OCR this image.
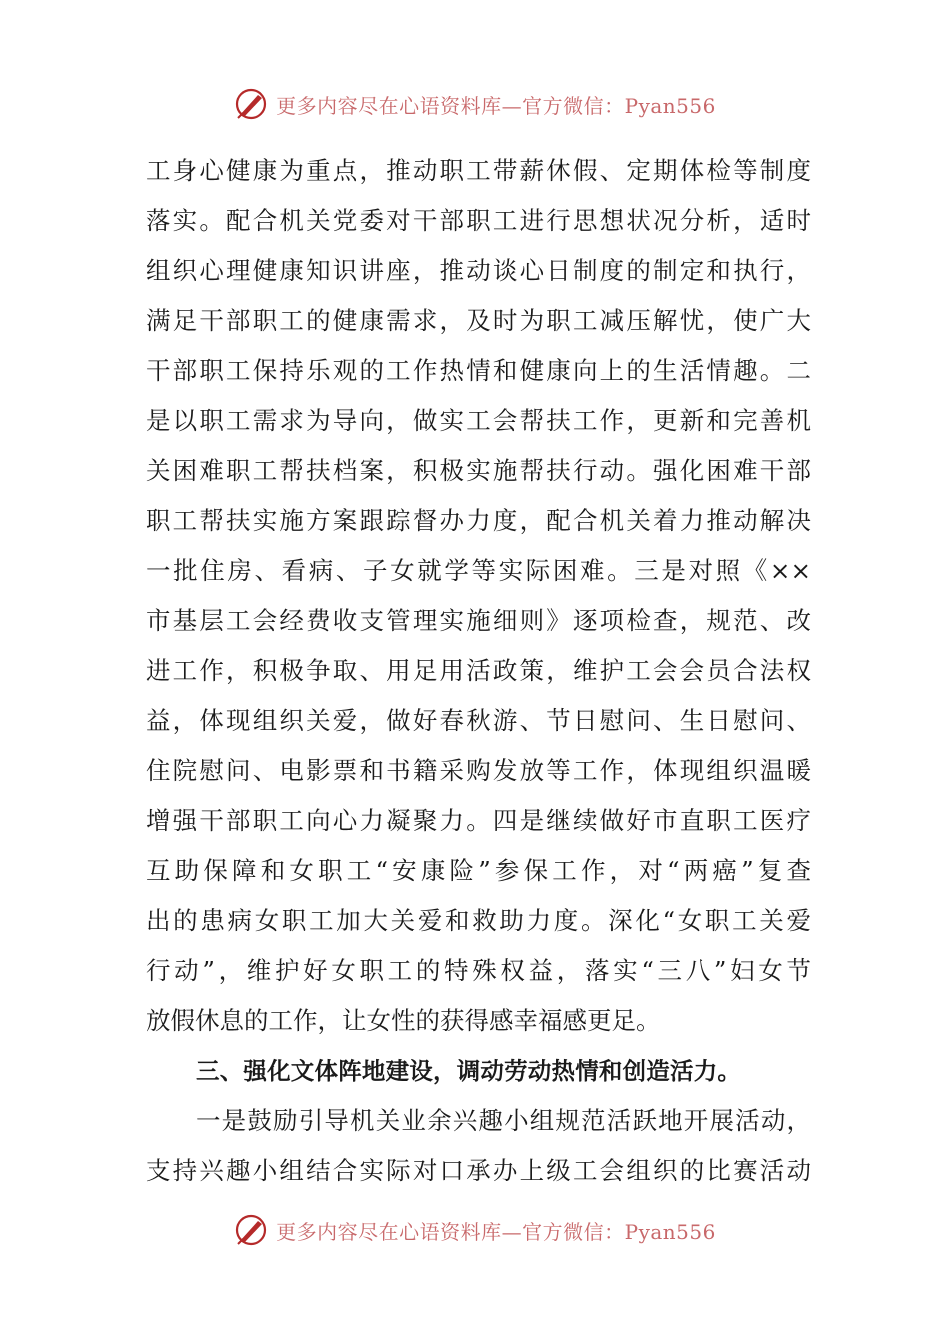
更多内容尽在心语资料库—官方微信：Pyan556
工身心健康为重点，推动职工带薪休假、定期体检等制度
落实。配合机关党委对干部职工进行思想状况分析，适时
组织心理健康知识讲座，推动谈心日制度的制定和执行，
满足干部职工的健康需求，及时为职工减压解忧，使广大
干部职工保持乐观的工作热情和健康向上的生活情趣。二
是以职工需求为导向，做实工会帮扶工作，更新和完善机
关困难职工帮扶档案，积极实施帮扶行动。强化困难干部
职工帮扶实施方案跟踪督办力度，配合机关着力推动解决
一批住房、看病、子女就学等实际困难。三是对照《××
市基层工会经费收支管理实施细则》逐项检查，规范、改
进工作，积极争取、用足用活政策，维护工会会员合法权
益，体现组织关爱，做好春秋游、节日慰问、生日慰问、
住院慰问、电影票和书籍采购发放等工作，体现组织温暖
增强干部职工向心力凝聚力。四是继续做好市直职工医疗
互助保障和女职工“安康险”参保工作，对“两癌”复查
出的患病女职工加大关爱和救助力度。深化“女职工关爱
行动”，维护好女职工的特殊权益，落实“三八”妇女节
放假休息的工作，让女性的获得感幸福感更足。
三、强化文体阵地建设，调动劳动热情和创造活力。
一是鼓励引导机关业余兴趣小组规范活跃地开展活动，
支持兴趣小组结合实际对口承办上级工会组织的比赛活动
更多内容尽在心语资料库—官方微信：Pyan556
